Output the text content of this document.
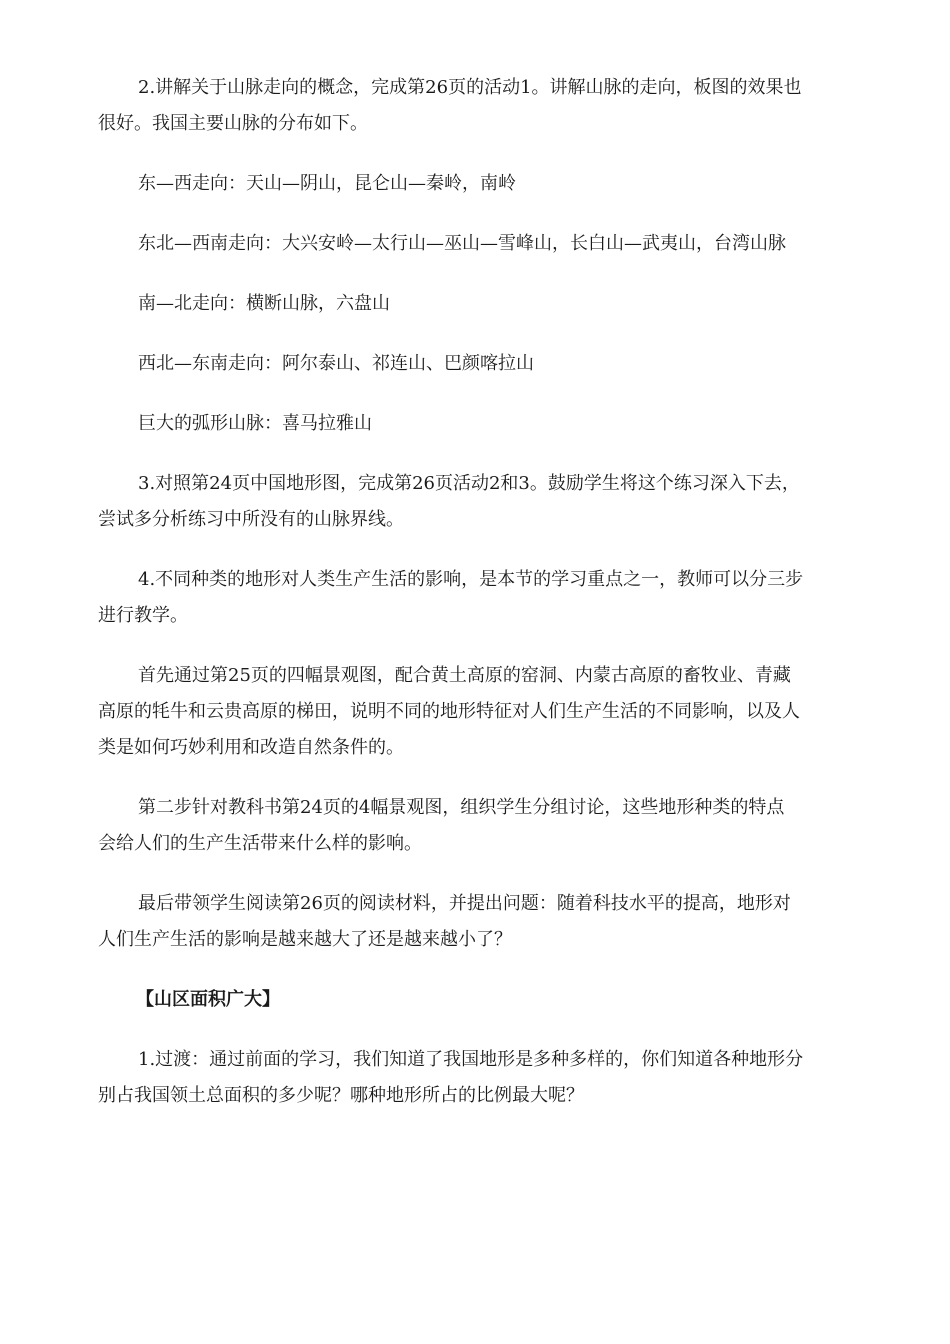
2.讲解关于山脉走向的概念，完成第26页的活动1。讲解山脉的走向，板图的效果也
很好。我国主要山脉的分布如下。

东—西走向：天山—阴山，昆仑山—秦岭，南岭

东北—西南走向：大兴安岭—太行山—巫山—雪峰山，长白山—武夷山，台湾山脉

南—北走向：横断山脉，六盘山

西北—东南走向：阿尔泰山、祁连山、巴颜喀拉山

巨大的弧形山脉：喜马拉雅山

3.对照第24页中国地形图，完成第26页活动2和3。鼓励学生将这个练习深入下去，
尝试多分析练习中所没有的山脉界线。

4.不同种类的地形对人类生产生活的影响，是本节的学习重点之一，教师可以分三步
进行教学。

首先通过第25页的四幅景观图，配合黄土高原的窑洞、内蒙古高原的畜牧业、青藏
高原的牦牛和云贵高原的梯田，说明不同的地形特征对人们生产生活的不同影响，以及人
类是如何巧妙利用和改造自然条件的。

第二步针对教科书第24页的4幅景观图，组织学生分组讨论，这些地形种类的特点
会给人们的生产生活带来什么样的影响。

最后带领学生阅读第26页的阅读材料，并提出问题：随着科技水平的提高，地形对
人们生产生活的影响是越来越大了还是越来越小了？

【山区面积广大】

1.过渡：通过前面的学习，我们知道了我国地形是多种多样的，你们知道各种地形分
别占我国领土总面积的多少呢？哪种地形所占的比例最大呢？
